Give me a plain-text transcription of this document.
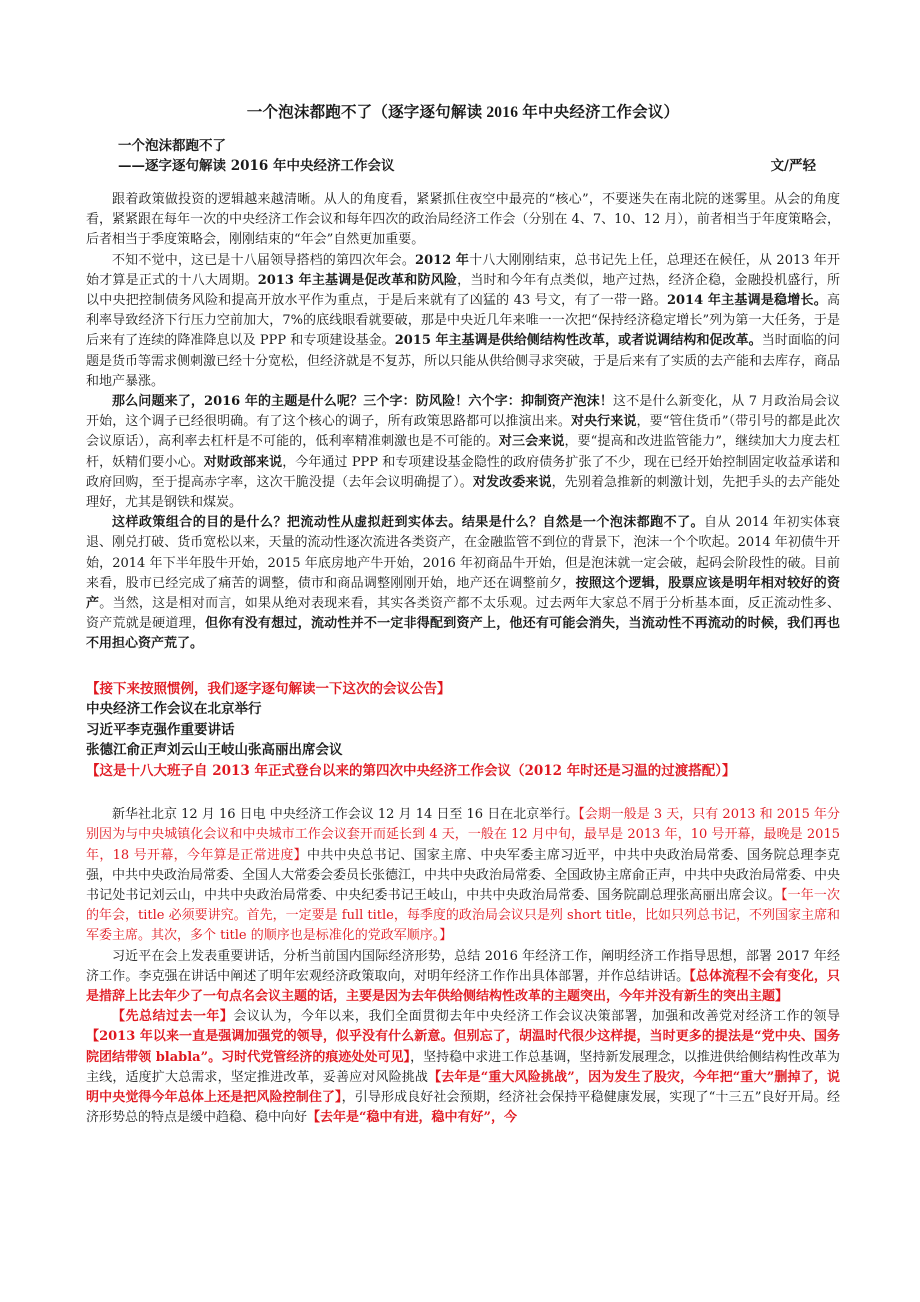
一个泡沫都跑不了（逐字逐句解读 2016 年中央经济工作会议）
一个泡沫都跑不了
——逐字逐句解读 2016 年中央经济工作会议	文/严轻

跟着政策做投资的逻辑越来越清晰。从人的角度看，紧紧抓住夜空中最亮的“核心”，不要迷失在南北院的迷雾里。从会的角度看，紧紧跟在每年一次的中央经济工作会议和每年四次的政治局经济工作会（分别在 4、7、10、12 月），前者相当于年度策略会，后者相当于季度策略会，刚刚结束的“年会”自然更加重要。

不知不觉中，这已是十八届领导搭档的第四次年会。2012 年十八大刚刚结束，总书记先上任，总理还在候任，从 2013 年开始才算是正式的十八大周期。2013 年主基调是促改革和防风险，当时和今年有点类似，地产过热，经济企稳，金融投机盛行，所以中央把控制债务风险和提高开放水平作为重点，于是后来就有了凶猛的 43 号文，有了一带一路。2014 年主基调是稳增长。高利率导致经济下行压力空前加大，7%的底线眼看就要破，那是中央近几年来唯一一次把“保持经济稳定增长”列为第一大任务，于是后来有了连续的降准降息以及 PPP 和专项建设基金。2015 年主基调是供给侧结构性改革，或者说调结构和促改革。当时面临的问题是货币等需求侧刺激已经十分宽松，但经济就是不复苏，所以只能从供给侧寻求突破，于是后来有了实质的去产能和去库存，商品和地产暴涨。

那么问题来了，2016 年的主题是什么呢？三个字：防风险！六个字：抑制资产泡沫！这不是什么新变化，从 7 月政治局会议开始，这个调子已经很明确。有了这个核心的调子，所有政策思路都可以推演出来。对央行来说，要“管住货币”（带引号的都是此次会议原话），高利率去杠杆是不可能的，低利率精准刺激也是不可能的。对三会来说，要“提高和改进监管能力”，继续加大力度去杠杆，妖精们要小心。对财政部来说，今年通过 PPP 和专项建设基金隐性的政府债务扩张了不少，现在已经开始控制固定收益承诺和政府回购，至于提高赤字率，这次干脆没提（去年会议明确提了）。对发改委来说，先别着急推新的刺激计划，先把手头的去产能处理好，尤其是钢铁和煤炭。

这样政策组合的目的是什么？把流动性从虚拟赶到实体去。结果是什么？自然是一个泡沫都跑不了。自从 2014 年初实体衰退、刚兑打破、货币宽松以来，天量的流动性逐次流进各类资产，在金融监管不到位的背景下，泡沫一个个吹起。2014 年初债牛开始，2014 年下半年股牛开始，2015 年底房地产牛开始，2016 年初商品牛开始，但是泡沫就一定会破，起码会阶段性的破。目前来看，股市已经完成了痛苦的调整，债市和商品调整刚刚开始，地产还在调整前夕，按照这个逻辑，股票应该是明年相对较好的资产。当然，这是相对而言，如果从绝对表现来看，其实各类资产都不太乐观。过去两年大家总不屑于分析基本面，反正流动性多、资产荒就是硬道理，但你有没有想过，流动性并不一定非得配到资产上，他还有可能会消失，当流动性不再流动的时候，我们再也不用担心资产荒了。

【接下来按照惯例，我们逐字逐句解读一下这次的会议公告】

中央经济工作会议在北京举行

习近平李克强作重要讲话

张德江俞正声刘云山王岐山张高丽出席会议

【这是十八大班子自 2013 年正式登台以来的第四次中央经济工作会议（2012 年时还是习温的过渡搭配）】

新华社北京 12 月 16 日电 中央经济工作会议 12 月 14 日至 16 日在北京举行。【会期一般是 3 天，只有 2013 和 2015 年分别因为与中央城镇化会议和中央城市工作会议套开而延长到 4 天，一般在 12 月中旬，最早是 2013 年，10 号开幕，最晚是 2015 年，18 号开幕，今年算是正常进度】中共中央总书记、国家主席、中央军委主席习近平，中共中央政治局常委、国务院总理李克强，中共中央政治局常委、全国人大常委会委员长张德江，中共中央政治局常委、全国政协主席俞正声，中共中央政治局常委、中央书记处书记刘云山，中共中央政治局常委、中央纪委书记王岐山，中共中央政治局常委、国务院副总理张高丽出席会议。【一年一次的年会，title 必须要讲究。首先，一定要是 full title，每季度的政治局会议只是列 short title，比如只列总书记，不列国家主席和军委主席。其次，多个 title 的顺序也是标准化的党政军顺序。】

习近平在会上发表重要讲话，分析当前国内国际经济形势，总结 2016 年经济工作，阐明经济工作指导思想，部署 2017 年经济工作。李克强在讲话中阐述了明年宏观经济政策取向，对明年经济工作作出具体部署，并作总结讲话。【总体流程不会有变化，只是措辞上比去年少了一句点名会议主题的话，主要是因为去年供给侧结构性改革的主题突出，今年并没有新生的突出主题】

【先总结过去一年】会议认为，今年以来，我们全面贯彻去年中央经济工作会议决策部署，加强和改善党对经济工作的领导【2013 年以来一直是强调加强党的领导，似乎没有什么新意。但别忘了，胡温时代很少这样提，当时更多的提法是“党中央、国务院团结带领 blabla”。习时代党管经济的痕迹处处可见】，坚持稳中求进工作总基调，坚持新发展理念，以推进供给侧结构性改革为主线，适度扩大总需求，坚定推进改革，妥善应对风险挑战【去年是“重大风险挑战”，因为发生了股灾，今年把“重大”删掉了，说明中央觉得今年总体上还是把风险控制住了】，引导形成良好社会预期，经济社会保持平稳健康发展，实现了“十三五”良好开局。经济形势总的特点是缓中趋稳、稳中向好【去年是“稳中有进，稳中有好”，今
